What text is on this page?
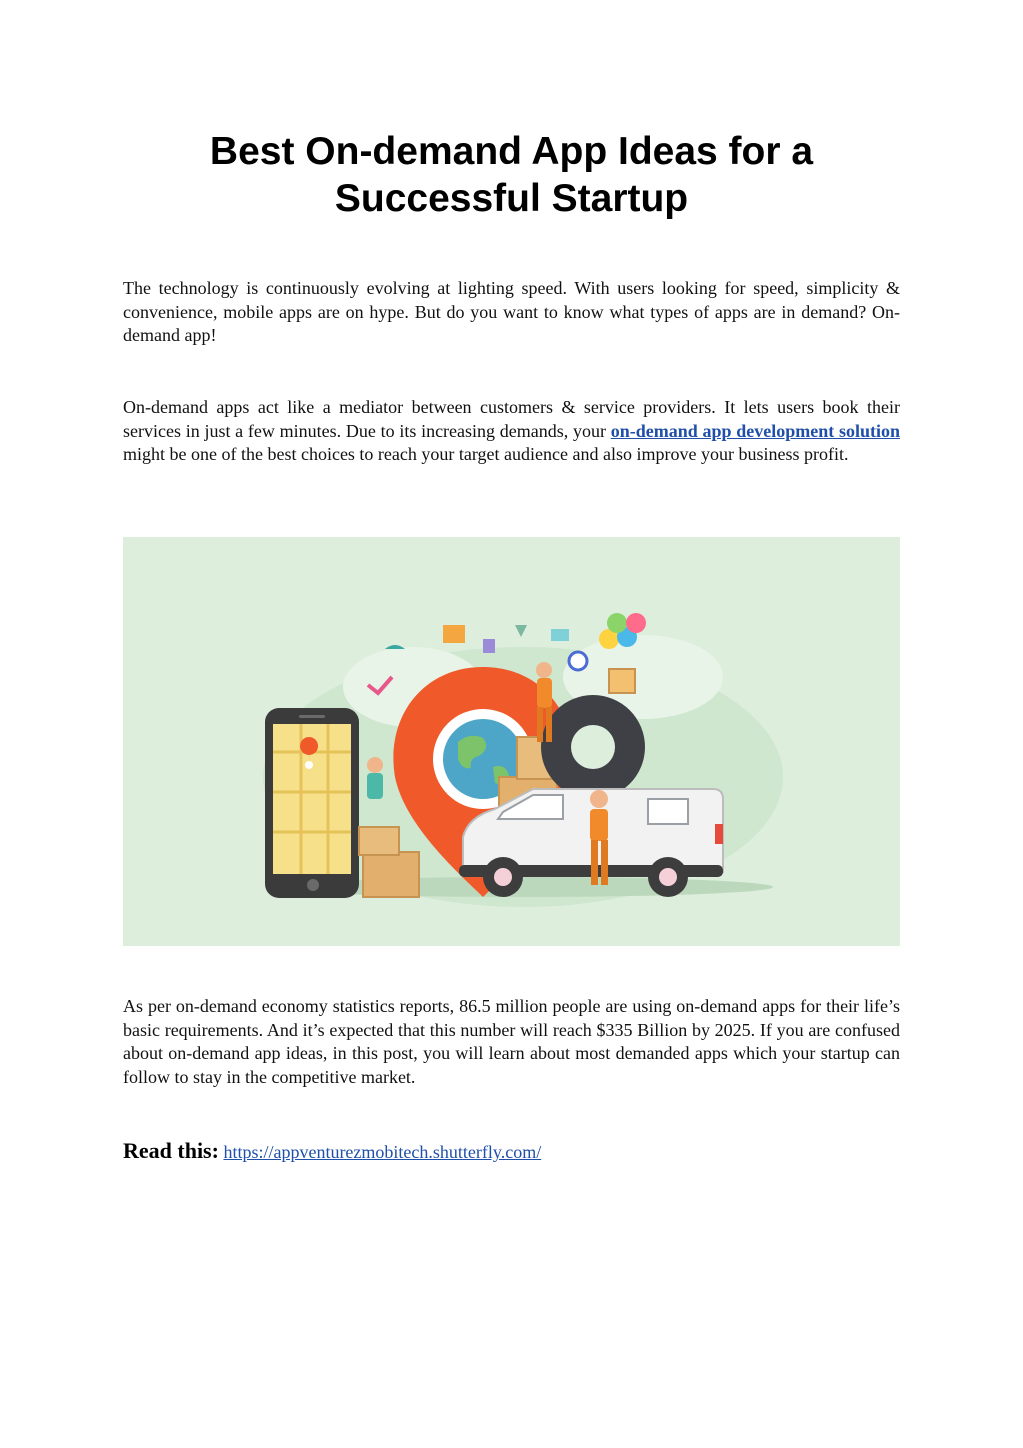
Best On-demand App Ideas for a
Successful Startup

The technology is continuously evolving at lighting speed. With users looking for speed, simplicity & convenience, mobile apps are on hype. But do you want to know what types of apps are in demand? On-demand app!

On-demand apps act like a mediator between customers & service providers. It lets users book their services in just a few minutes. Due to its increasing demands, your on-demand app development solution might be one of the best choices to reach your target audience and also improve your business profit.

As per on-demand economy statistics reports, 86.5 million people are using on-demand apps for their life’s basic requirements. And it’s expected that this number will reach $335 Billion by 2025. If you are confused about on-demand app ideas, in this post, you will learn about most demanded apps which your startup can follow to stay in the competitive market.

Read this: https://appventurezmobitech.shutterfly.com/
